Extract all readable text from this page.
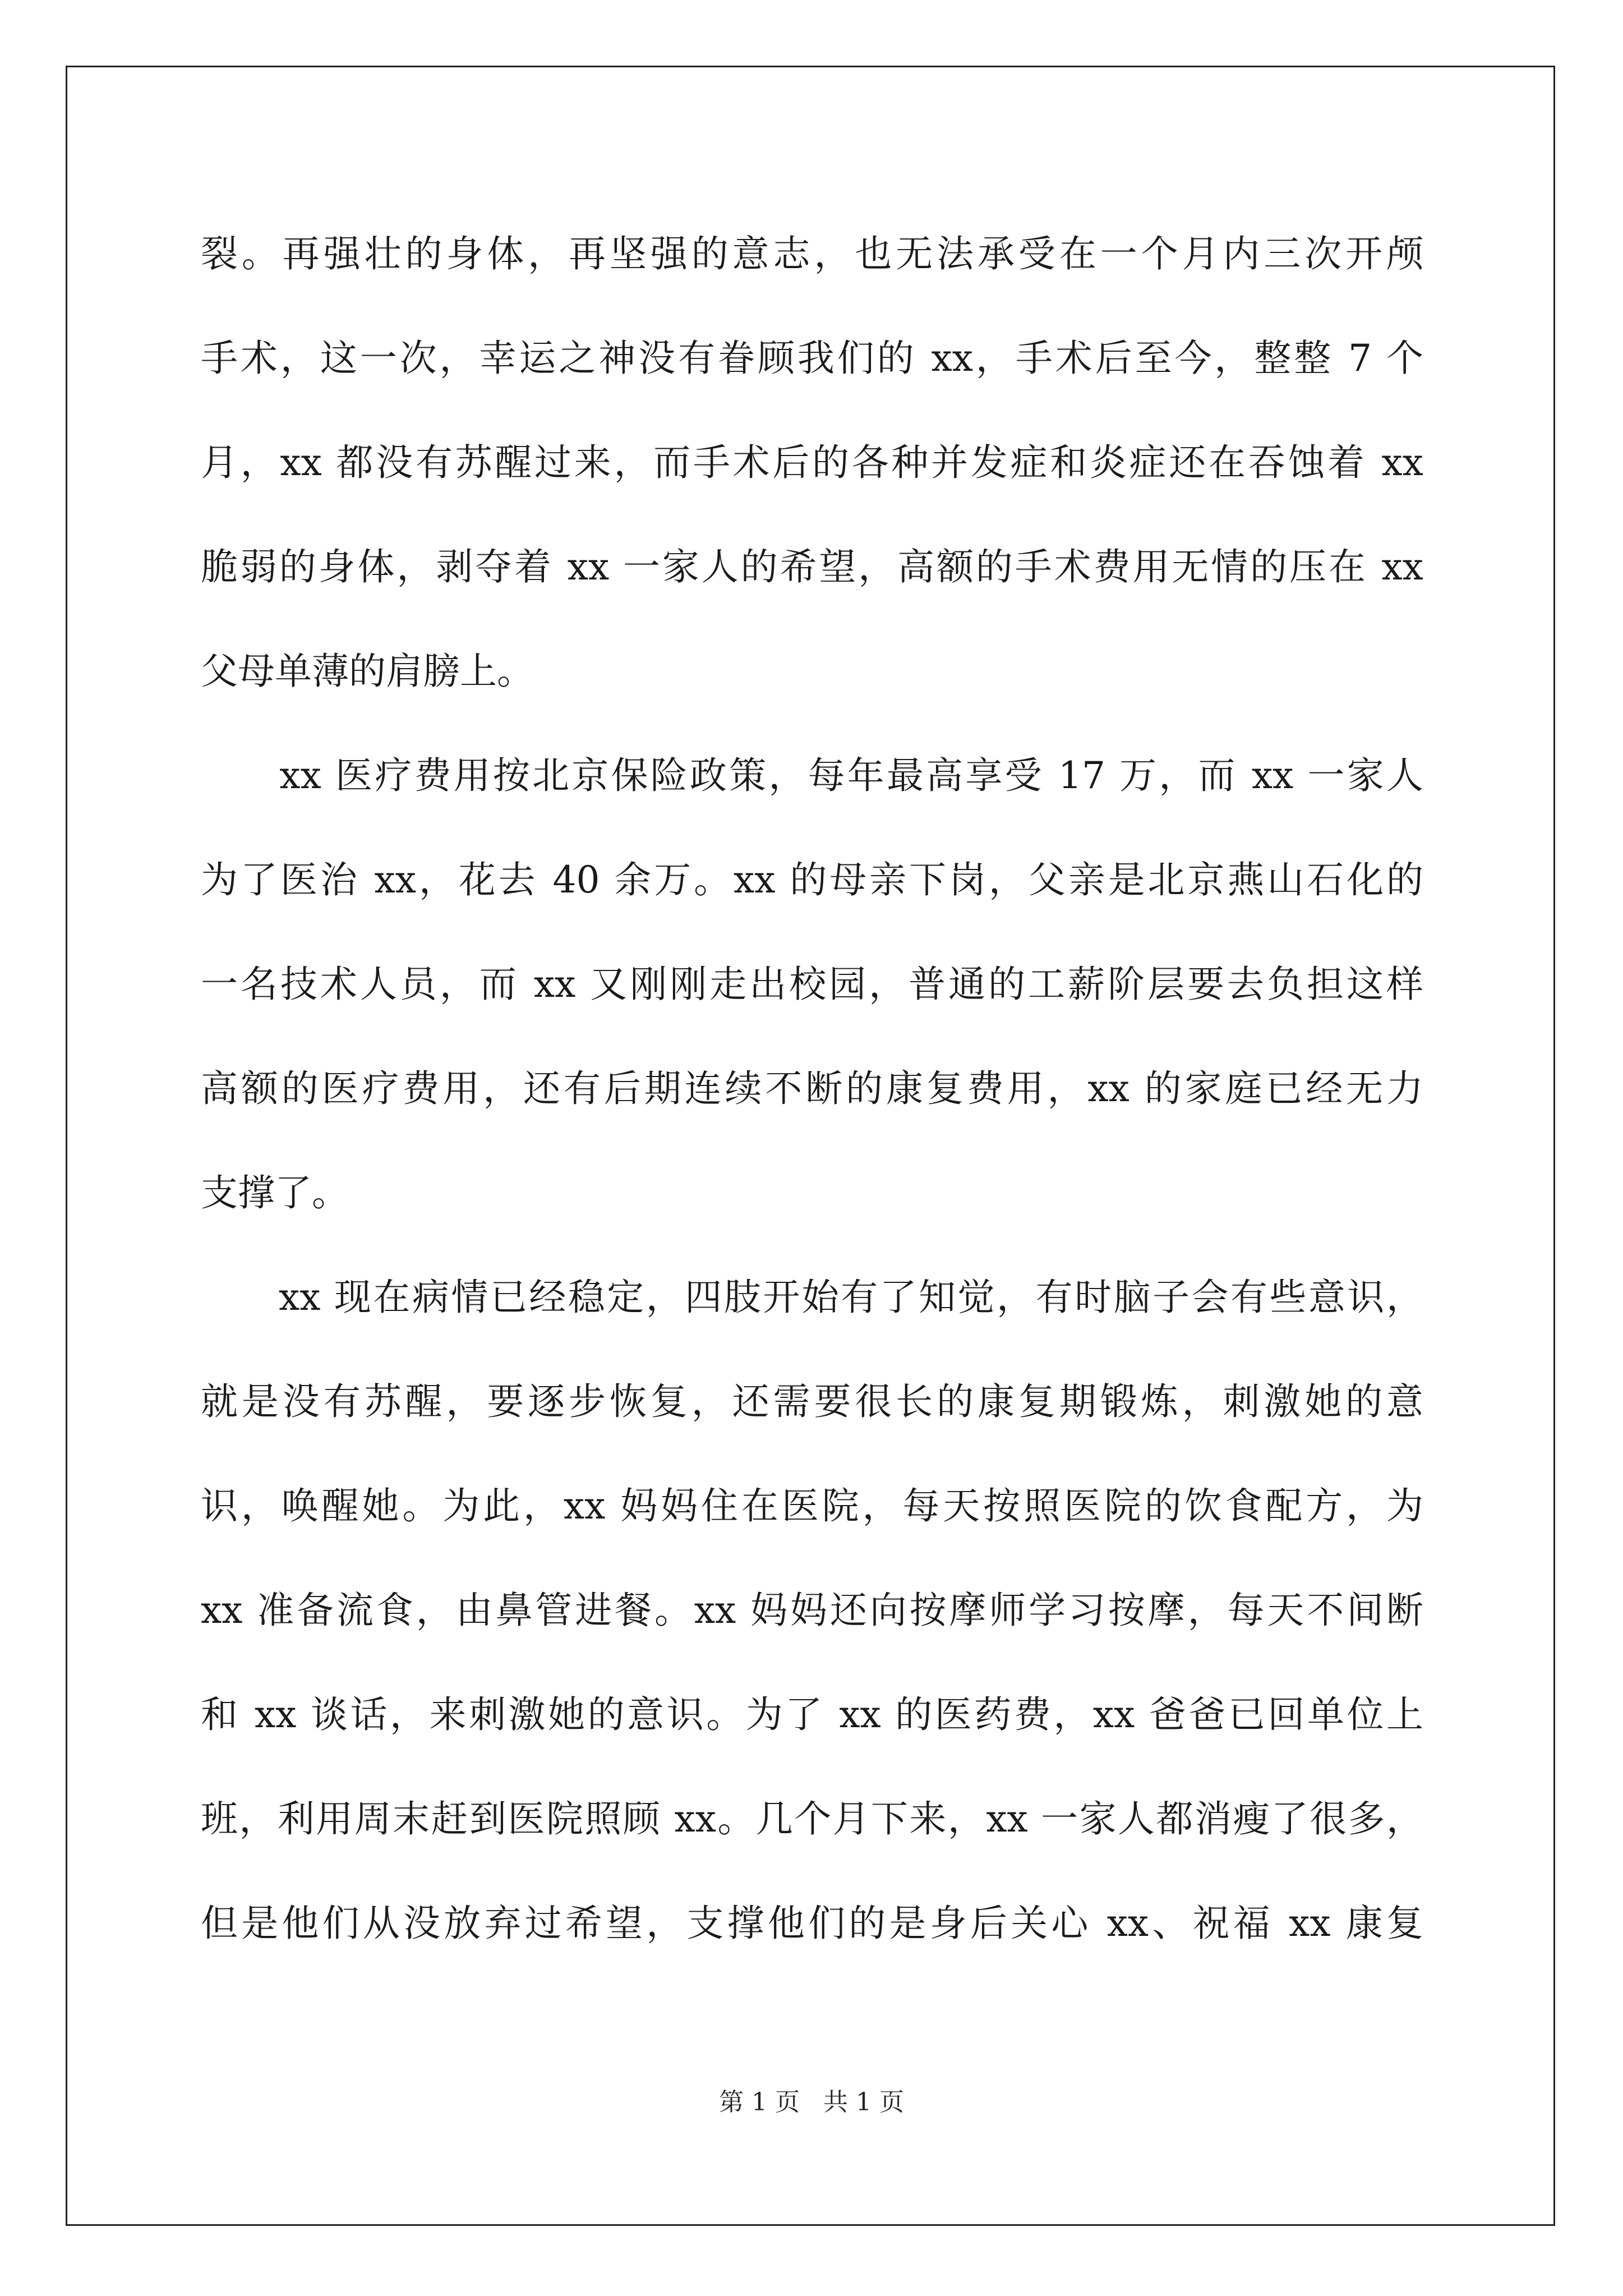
裂。再强壮的身体，再坚强的意志，也无法承受在一个月内三次开颅
手术，这一次，幸运之神没有眷顾我们的 xx，手术后至今，整整 7 个
月，xx 都没有苏醒过来，而手术后的各种并发症和炎症还在吞蚀着 xx
脆弱的身体，剥夺着 xx 一家人的希望，高额的手术费用无情的压在 xx
父母单薄的肩膀上。
　　xx 医疗费用按北京保险政策，每年最高享受 17 万，而 xx 一家人
为了医治 xx，花去 40 余万。xx 的母亲下岗，父亲是北京燕山石化的
一名技术人员，而 xx 又刚刚走出校园，普通的工薪阶层要去负担这样
高额的医疗费用，还有后期连续不断的康复费用，xx 的家庭已经无力
支撑了。
　　xx 现在病情已经稳定，四肢开始有了知觉，有时脑子会有些意识，
就是没有苏醒，要逐步恢复，还需要很长的康复期锻炼，刺激她的意
识，唤醒她。为此，xx 妈妈住在医院，每天按照医院的饮食配方，为
xx 准备流食，由鼻管进餐。xx 妈妈还向按摩师学习按摩，每天不间断
和 xx 谈话，来刺激她的意识。为了 xx 的医药费，xx 爸爸已回单位上
班，利用周末赶到医院照顾 xx。几个月下来，xx 一家人都消瘦了很多，
但是他们从没放弃过希望，支撑他们的是身后关心 xx、祝福 xx 康复
第 1 页 共 1 页
